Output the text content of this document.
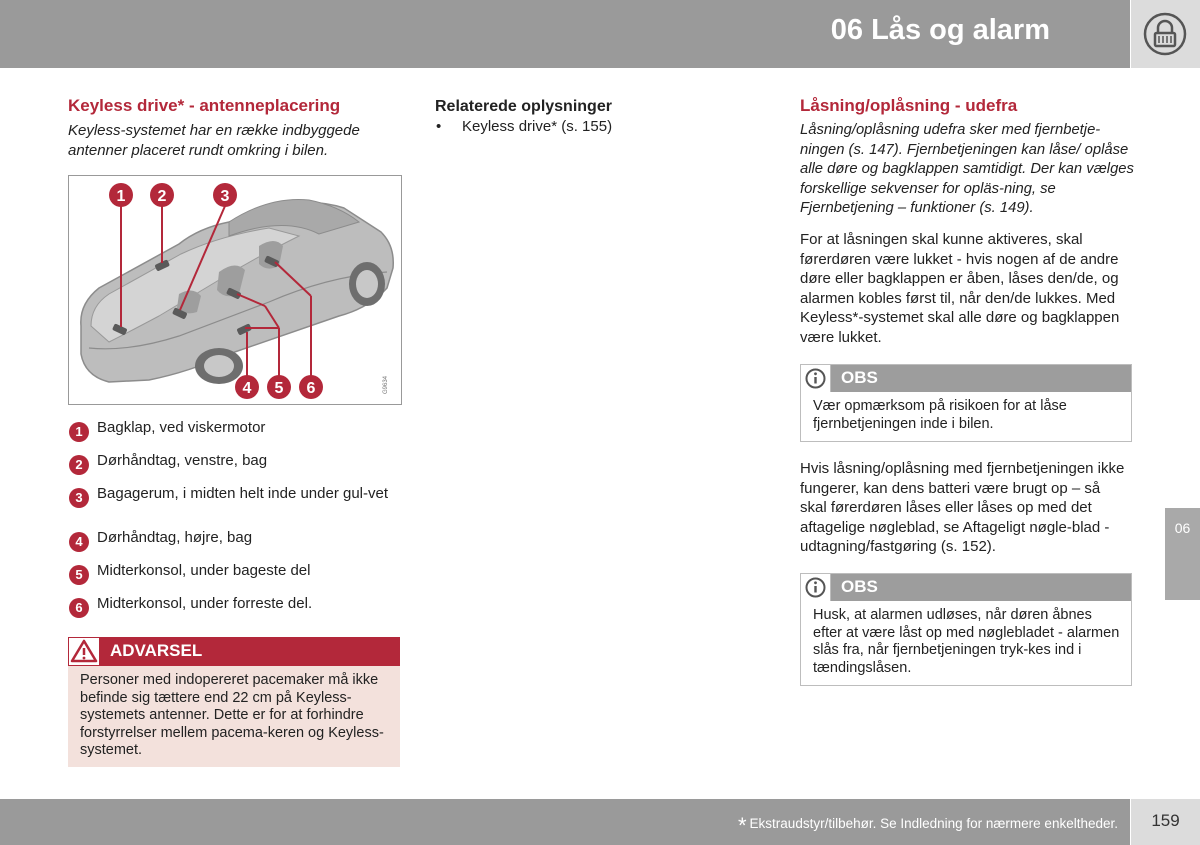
06 Lås og alarm
Keyless drive* - antenneplacering
Keyless-systemet har en række indbyggede antenner placeret rundt omkring i bilen.
1 2	3
4 5 6	G9634
1 Bagklap, ved viskermotor
2 Dørhåndtag, venstre, bag
3 Bagagerum, i midten helt inde under gul-vet
4 Dørhåndtag, højre, bag
5 Midterkonsol, under bageste del
6 Midterkonsol, under forreste del.
ADVARSEL
Personer med indopereret pacemaker må ikke befinde sig tættere end 22 cm på Keyless-systemets antenner. Dette er for at forhindre forstyrrelser mellem pacema-keren og Keyless-systemet.
Relaterede oplysninger
• Keyless drive* (s. 155)
Låsning/oplåsning - udefra
Låsning/oplåsning udefra sker med fjernbetje-ningen (s. 147). Fjernbetjeningen kan låse/ oplåse alle døre og bagklappen samtidigt. Der kan vælges forskellige sekvenser for opläs-ning, se Fjernbetjening – funktioner (s. 149).
For at låsningen skal kunne aktiveres, skal førerdøren være lukket - hvis nogen af de andre døre eller bagklappen er åben, låses den/de, og alarmen kobles først til, når den/de lukkes. Med Keyless*-systemet skal alle døre og bagklappen være lukket.
OBS
Vær opmærksom på risikoen for at låse fjernbetjeningen inde i bilen.
Hvis låsning/oplåsning med fjernbetjeningen ikke fungerer, kan dens batteri være brugt op – så skal førerdøren låses eller låses op med det aftagelige nøgleblad, se Aftageligt nøgle-blad - udtagning/fastgøring (s. 152).
OBS
Husk, at alarmen udløses, når døren åbnes efter at være låst op med nøglebladet - alarmen slås fra, når fjernbetjeningen tryk-kes ind i tændingslåsen.
06
* Ekstraudstyr/tilbehør. Se Indledning for nærmere enkeltheder.	159
